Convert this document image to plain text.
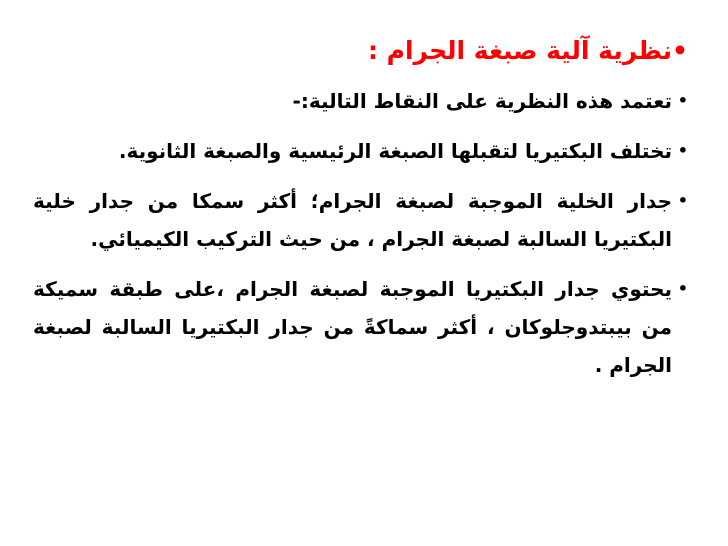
•
نظرية آلية صبغة الجرام :
•
تعتمد هذه النظرية على النقاط التالية:-
•
تختلف البكتيريا لتقبلها الصبغة الرئيسية والصبغة الثانوية.
•
جدار الخلية الموجبة لصبغة الجرام؛ أكثر سمكا من جدار خلية البكتيريا السالبة لصبغة الجرام ، من حيث التركيب الكيميائي.
•
يحتوي جدار البكتيريا الموجبة لصبغة الجرام ،على طبقة سميكة من بيبتدوجلوكان ، أكثر سماكةً من جدار البكتيريا السالبة لصبغة الجرام .
